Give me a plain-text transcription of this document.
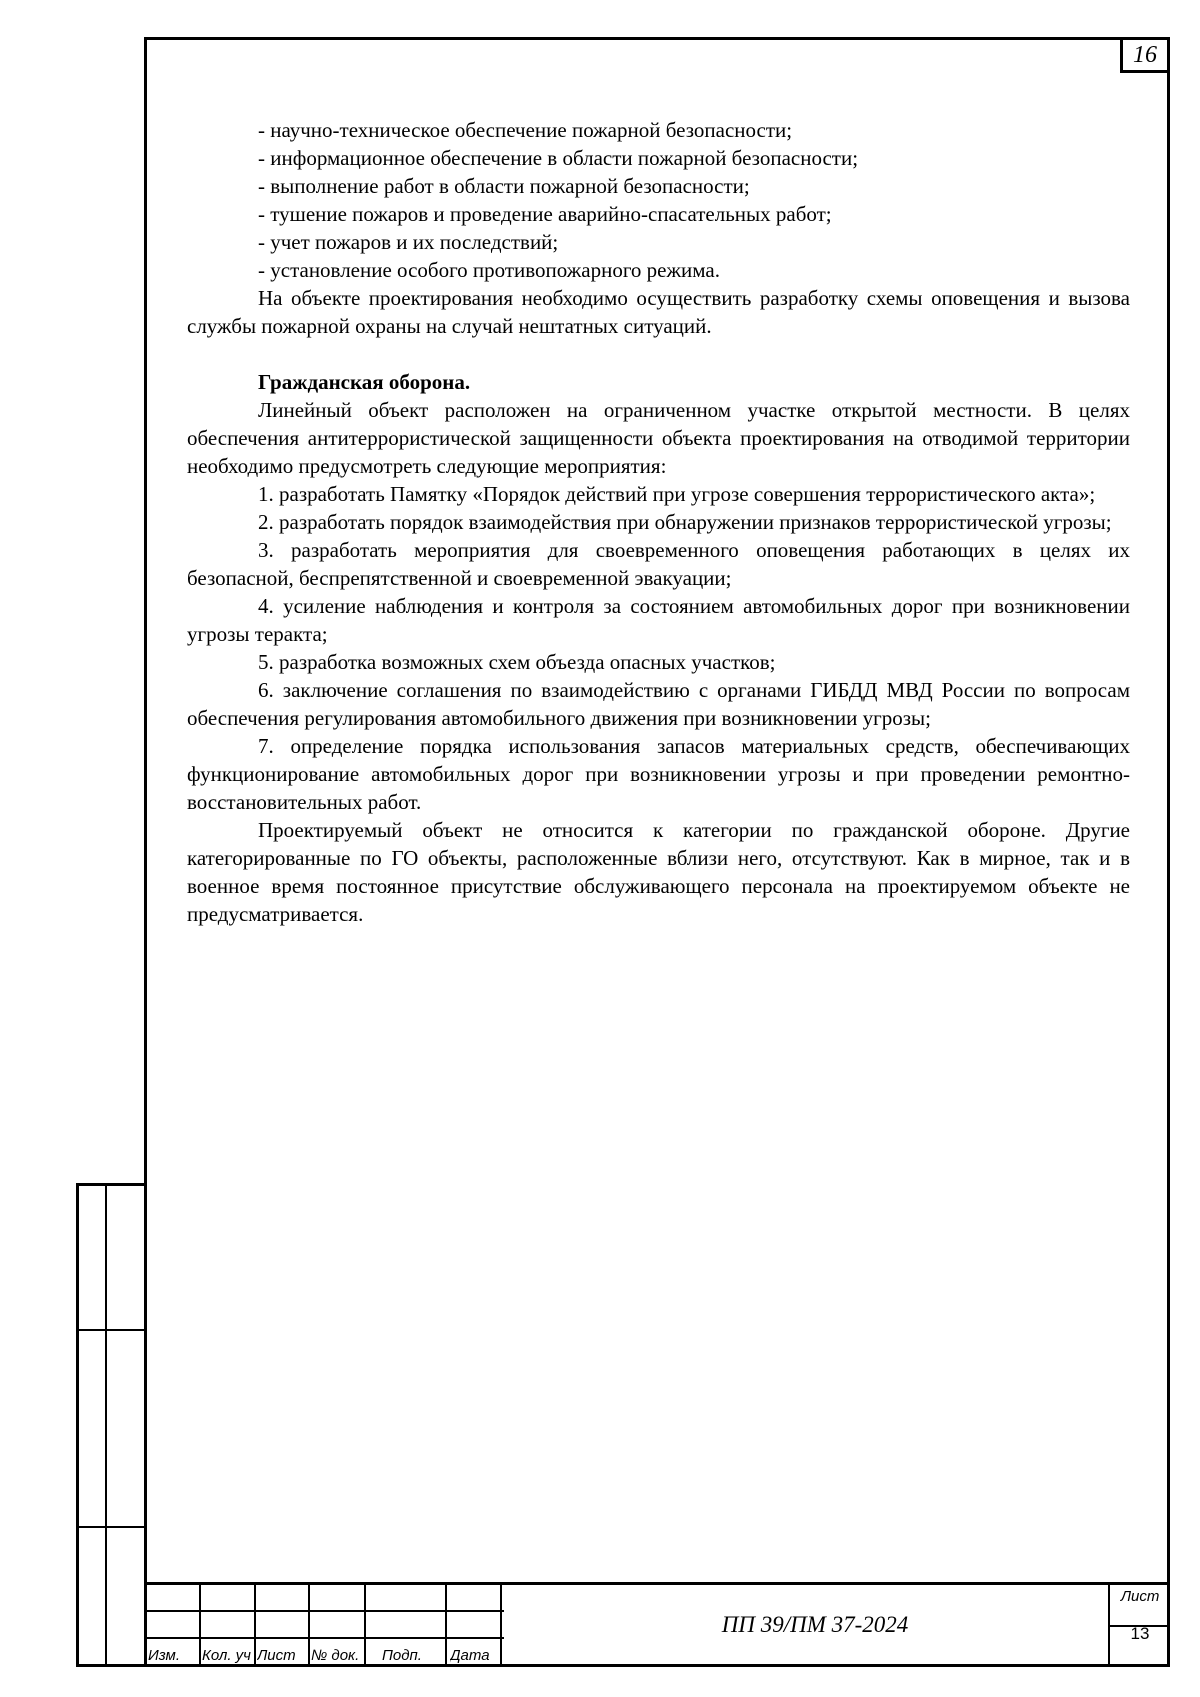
16

- научно-техническое обеспечение пожарной безопасности;

- информационное обеспечение в области пожарной безопасности;

- выполнение работ в области пожарной безопасности;

- тушение пожаров и проведение аварийно-спасательных работ;

- учет пожаров и их последствий;

- установление особого противопожарного режима.

На объекте проектирования необходимо осуществить разработку схемы оповещения и вызова службы пожарной охраны на случай нештатных ситуаций.

Гражданская оборона.

Линейный объект расположен на ограниченном участке открытой местности. В целях обеспечения антитеррористической защищенности объекта проектирования на отводимой территории необходимо предусмотреть следующие мероприятия:

1. разработать Памятку «Порядок действий при угрозе совершения террористического акта»;

2. разработать порядок взаимодействия при обнаружении признаков террористической угрозы;

3. разработать мероприятия для своевременного оповещения работающих в целях их безопасной, беспрепятственной и своевременной эвакуации;

4. усиление наблюдения и контроля за состоянием автомобильных дорог при возникновении угрозы теракта;

5. разработка возможных схем объезда опасных участков;

6. заключение соглашения по взаимодействию с органами ГИБДД МВД России по вопросам обеспечения регулирования автомобильного движения при возникновении угрозы;

7. определение порядка использования запасов материальных средств, обеспечивающих функционирование автомобильных дорог при возникновении угрозы и при проведении ремонтно-восстановительных работ.

Проектируемый объект не относится к категории по гражданской обороне. Другие категорированные по ГО объекты, расположенные вблизи него, отсутствуют. Как в мирное, так и в военное время постоянное присутствие обслуживающего персонала на проектируемом объекте не предусматривается.

Изм.	Кол. уч Лист	№ док. Подп.	Дата
ПП 39/ПМ 37-2024
Лист
13
